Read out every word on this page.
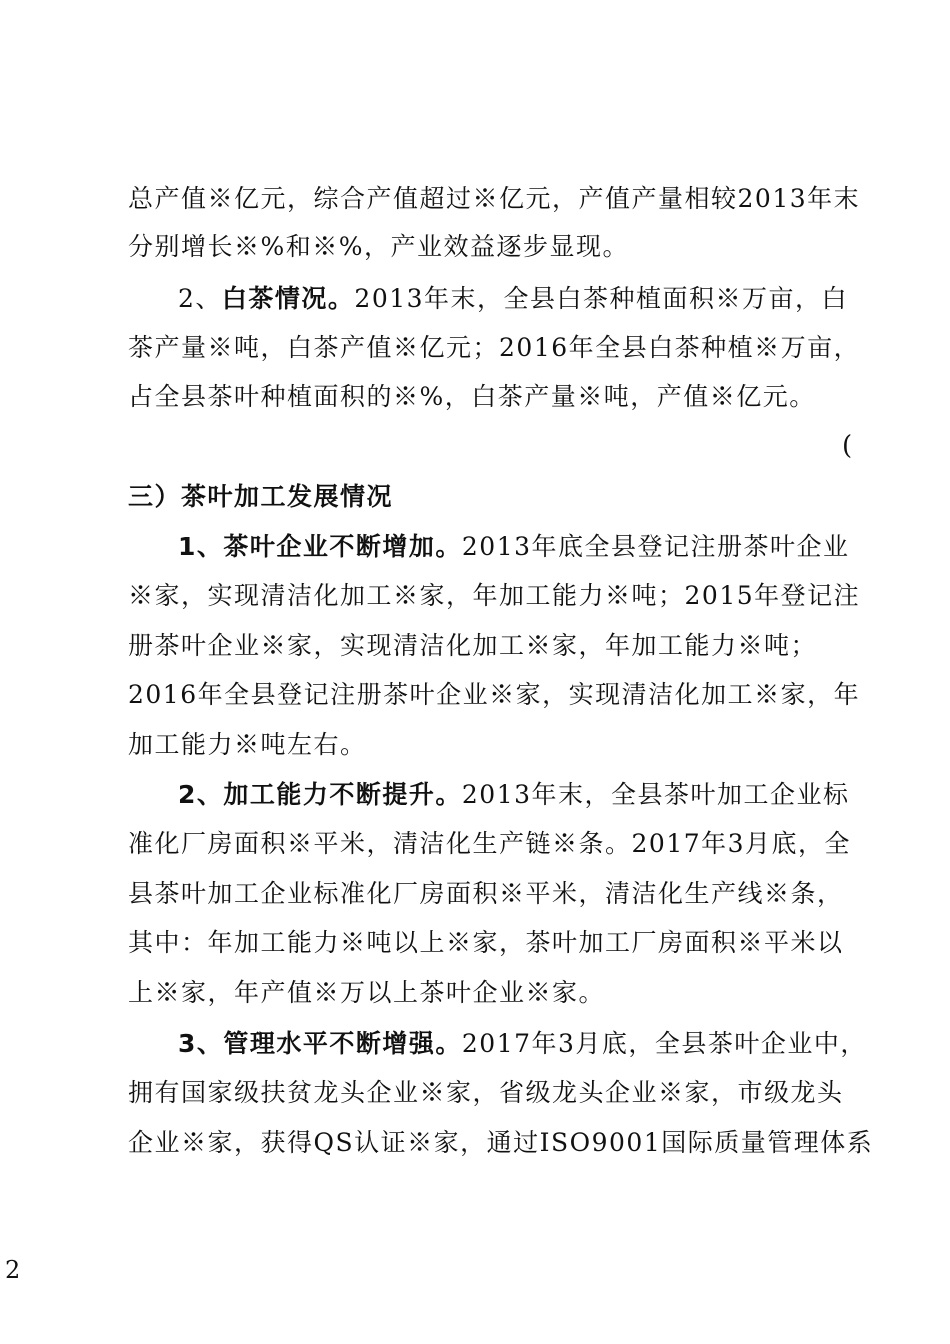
总产值※亿元，综合产值超过※亿元，产值产量相较2013年末
分别增长※%和※%，产业效益逐步显现。
2、白茶情况。2013年末，全县白茶种植面积※万亩，白
茶产量※吨，白茶产值※亿元；2016年全县白茶种植※万亩，
占全县茶叶种植面积的※%，白茶产量※吨，产值※亿元。
(
三）茶叶加工发展情况
1、茶叶企业不断增加。2013年底全县登记注册茶叶企业
※家，实现清洁化加工※家，年加工能力※吨；2015年登记注
册茶叶企业※家，实现清洁化加工※家，年加工能力※吨；
2016年全县登记注册茶叶企业※家，实现清洁化加工※家，年
加工能力※吨左右。
2、加工能力不断提升。2013年末，全县茶叶加工企业标
准化厂房面积※平米，清洁化生产链※条。2017年3月底，全
县茶叶加工企业标准化厂房面积※平米，清洁化生产线※条，
其中：年加工能力※吨以上※家，茶叶加工厂房面积※平米以
上※家，年产值※万以上茶叶企业※家。
3、管理水平不断增强。2017年3月底，全县茶叶企业中，
拥有国家级扶贫龙头企业※家，省级龙头企业※家，市级龙头
企业※家，获得QS认证※家，通过ISO9001国际质量管理体系
2
